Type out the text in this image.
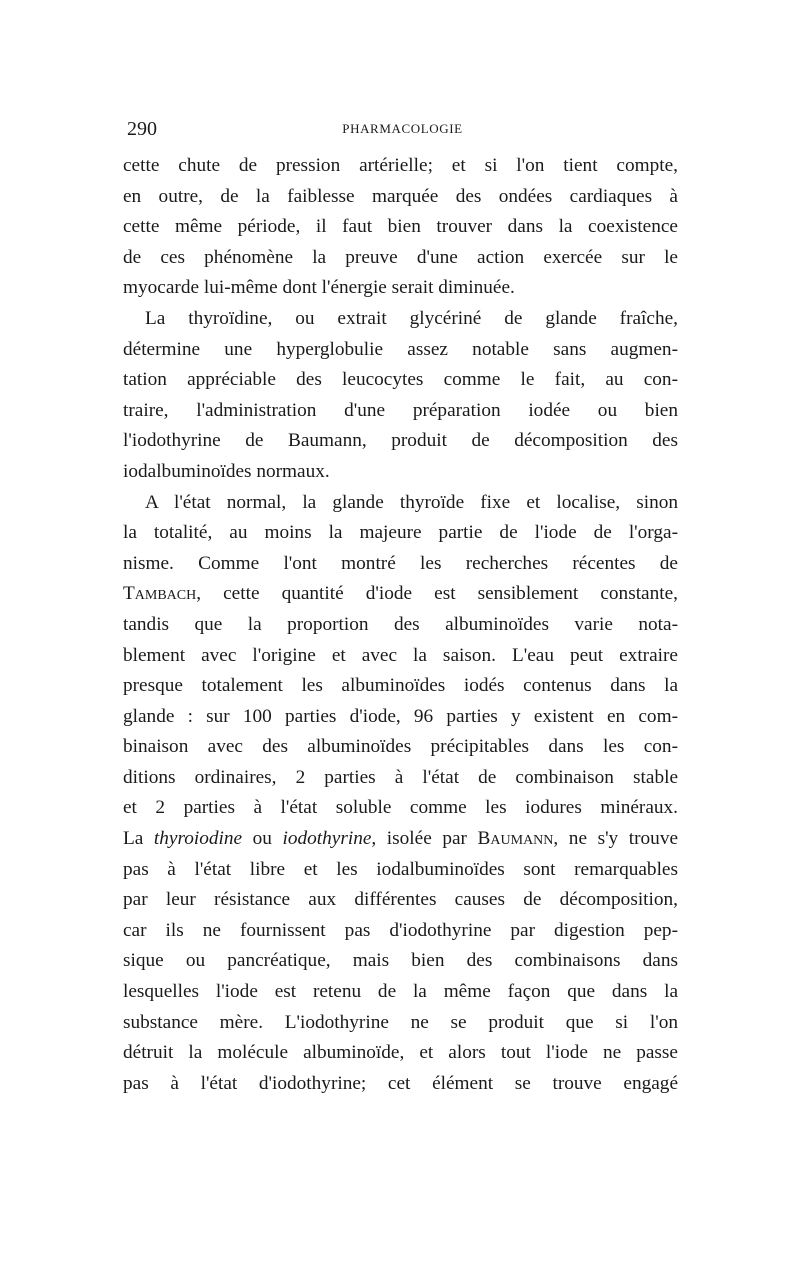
290	PHARMACOLOGIE
cette chute de pression artérielle; et si l'on tient compte,
en outre, de la faiblesse marquée des ondées cardiaques à
cette même période, il faut bien trouver dans la coexistence
de ces phénomène la preuve d'une action exercée sur le
myocarde lui-même dont l'énergie serait diminuée.
La thyroïdine, ou extrait glycériné de glande fraîche,
détermine une hyperglobulie assez notable sans augmen-
tation appréciable des leucocytes comme le fait, au con-
traire, l'administration d'une préparation iodée ou bien
l'iodothyrine de Baumann, produit de décomposition des
iodalbuminoïdes normaux.
A l'état normal, la glande thyroïde fixe et localise, sinon
la totalité, au moins la majeure partie de l'iode de l'orga-
nisme. Comme l'ont montré les recherches récentes de
Tambach, cette quantité d'iode est sensiblement constante,
tandis que la proportion des albuminoïdes varie nota-
blement avec l'origine et avec la saison. L'eau peut extraire
presque totalement les albuminoïdes iodés contenus dans la
glande : sur 100 parties d'iode, 96 parties y existent en com-
binaison avec des albuminoïdes précipitables dans les con-
ditions ordinaires, 2 parties à l'état de combinaison stable
et 2 parties à l'état soluble comme les iodures minéraux.
La thyroiodine ou iodothyrine, isolée par Baumann, ne s'y trouve
pas à l'état libre et les iodalbuminoïdes sont remarquables
par leur résistance aux différentes causes de décomposition,
car ils ne fournissent pas d'iodothyrine par digestion pep-
sique ou pancréatique, mais bien des combinaisons dans
lesquelles l'iode est retenu de la même façon que dans la
substance mère. L'iodothyrine ne se produit que si l'on
détruit la molécule albuminoïde, et alors tout l'iode ne passe
pas à l'état d'iodothyrine; cet élément se trouve engagé
